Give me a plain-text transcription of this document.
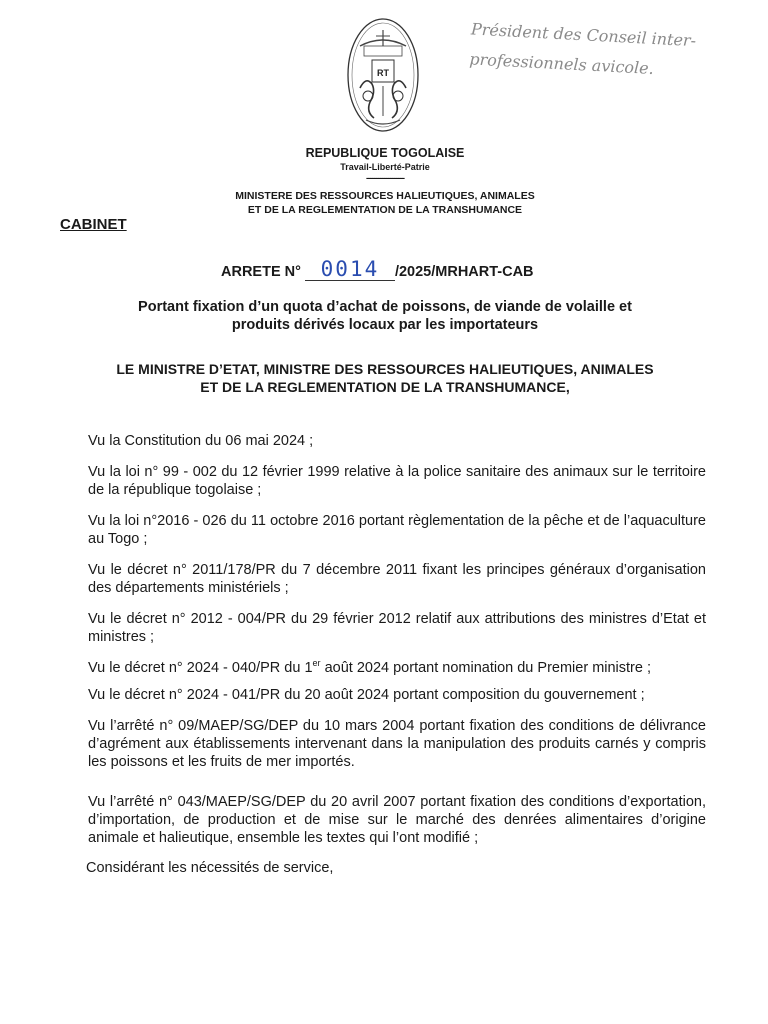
RT
Président des Conseil inter-professionnels avicole.
REPUBLIQUE TOGOLAISE
Travail-Liberté-Patrie
-------------------
MINISTERE DES RESSOURCES HALIEUTIQUES, ANIMALES
ET DE LA REGLEMENTATION DE LA TRANSHUMANCE
CABINET
ARRETE N° 0014 /2025/MRHART-CAB
Portant fixation d’un quota d’achat de poissons, de viande de volaille et
produits dérivés locaux par les importateurs
LE MINISTRE D’ETAT, MINISTRE DES RESSOURCES HALIEUTIQUES, ANIMALES
ET DE LA REGLEMENTATION DE LA TRANSHUMANCE,

Vu la Constitution du 06 mai 2024 ;

Vu la loi n° 99 - 002 du 12 février 1999 relative à la police sanitaire des animaux sur le territoire de la république togolaise ;

Vu la loi n°2016 - 026 du 11 octobre 2016 portant règlementation de la pêche et de l’aquaculture au Togo ;

Vu le décret n° 2011/178/PR du 7 décembre 2011 fixant les principes généraux d’organisation des départements ministériels ;

Vu le décret n° 2012 - 004/PR du 29 février 2012 relatif aux attributions des ministres d’Etat et ministres ;

Vu le décret n° 2024 - 040/PR du 1er août 2024 portant nomination du Premier ministre ;

Vu le décret n° 2024 - 041/PR du 20 août 2024 portant composition du gouvernement ;

Vu l’arrêté n° 09/MAEP/SG/DEP du 10 mars 2004 portant fixation des conditions de délivrance d’agrément aux établissements intervenant dans la manipulation des produits carnés y compris les poissons et les fruits de mer importés.

Vu l’arrêté n° 043/MAEP/SG/DEP du 20 avril 2007 portant fixation des conditions d’exportation, d’importation, de production et de mise sur le marché des denrées alimentaires d’origine animale et halieutique, ensemble les textes qui l’ont modifié ;

Considérant les nécessités de service,
